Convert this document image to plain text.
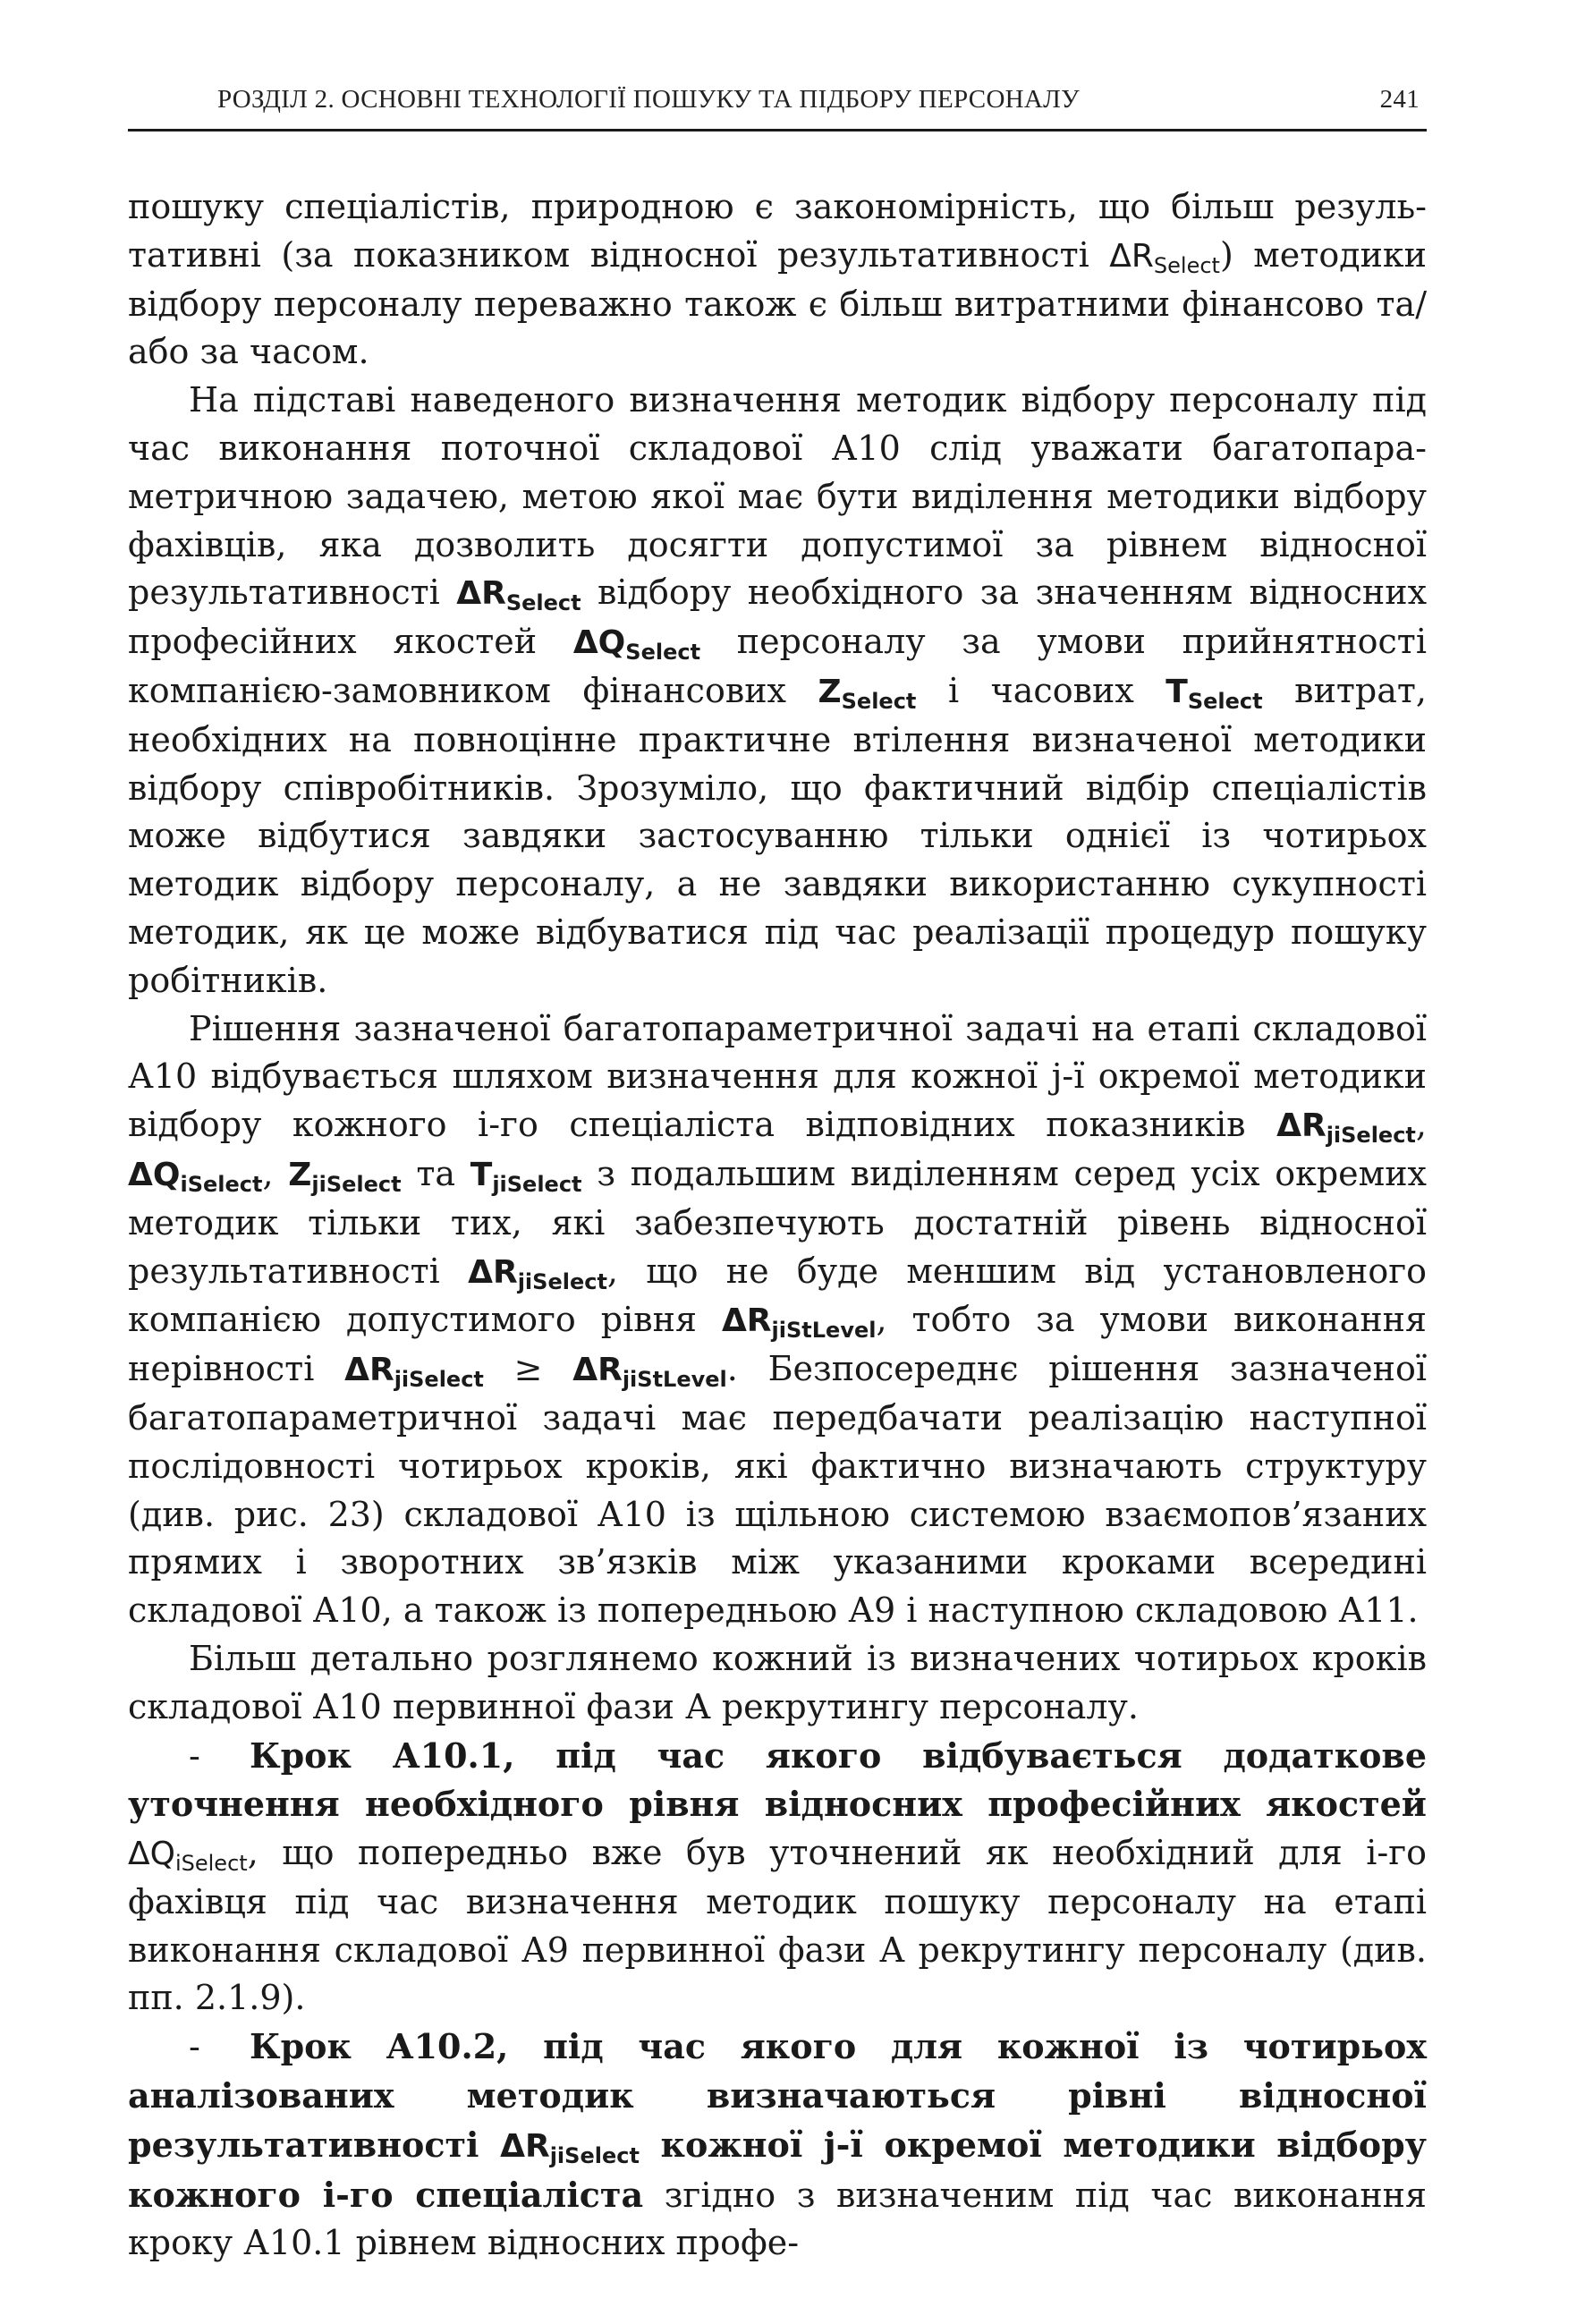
РОЗДІЛ 2. ОСНОВНІ ТЕХНОЛОГІЇ ПОШУКУ ТА ПІДБОРУ ПЕРСОНАЛУ	241

пошуку спеціалістів, природною є закономірність, що більш результативні (за показником відносної результативності $\Delta R_{Select}$) методики відбору персоналу переважно також є більш витратними фінансово та/або за часом.

На підставі наведеного визначення методик відбору персоналу під час виконання поточної складової А10 слід уважати багатопараметричною задачею, метою якої має бути виділення методики відбору фахівців, яка дозволить досягти допустимої за рівнем відносної результативності $\Delta R_{Select}$ відбору необхідного за значенням відносних професійних якостей $\Delta Q_{Select}$ персоналу за умови прийнятності компанією-замовником фінансових $Z_{Select}$ і часових $T_{Select}$ витрат, необхідних на повноцінне практичне втілення визначеної методики відбору співробітників. Зрозуміло, що фактичний відбір спеціалістів може відбутися завдяки застосуванню тільки однієї із чотирьох методик відбору персоналу, а не завдяки використанню сукупності методик, як це може відбуватися під час реалізації процедур пошуку робітників.

Рішення зазначеної багатопараметричної задачі на етапі складової А10 відбувається шляхом визначення для кожної j-ї окремої методики відбору кожного і-го спеціаліста відповідних показників $\Delta R_{jiSelect}$, $\Delta Q_{iSelect}$, $Z_{jiSelect}$ та $T_{jiSelect}$ з подальшим виділенням серед усіх окремих методик тільки тих, які забезпечують достатній рівень відносної результативності $\Delta R_{jiSelect}$, що не буде меншим від установленого компанією допустимого рівня $\Delta R_{jiStLevel}$, тобто за умови виконання нерівності $\Delta R_{jiSelect} \ge \Delta R_{jiStLevel}$. Безпосереднє рішення зазначеної багатопараметричної задачі має передбачати реалізацію наступної послідовності чотирьох кроків, які фактично визначають структуру (див. рис. 23) складової А10 із щільною системою взаємопов’язаних прямих і зворотних зв’язків між указаними кроками всередині складової А10, а також із попередньою А9 і наступною складовою А11.

Більш детально розглянемо кожний із визначених чотирьох кроків складової А10 первинної фази А рекрутингу персоналу.

- Крок А10.1, під час якого відбувається додаткове уточнення необхідного рівня відносних професійних якостей $\Delta Q_{iSelect}$, що попередньо вже був уточнений як необхідний для і-го фахівця під час визначення методик пошуку персоналу на етапі виконання складової А9 первинної фази А рекрутингу персоналу (див. пп. 2.1.9).

- Крок А10.2, під час якого для кожної із чотирьох аналізованих методик визначаються рівні відносної результативності $\Delta R_{jiSelect}$ кожної j-ї окремої методики відбору кожного і-го спеціаліста згідно з визначеним під час виконання кроку А10.1 рівнем відносних профе-
